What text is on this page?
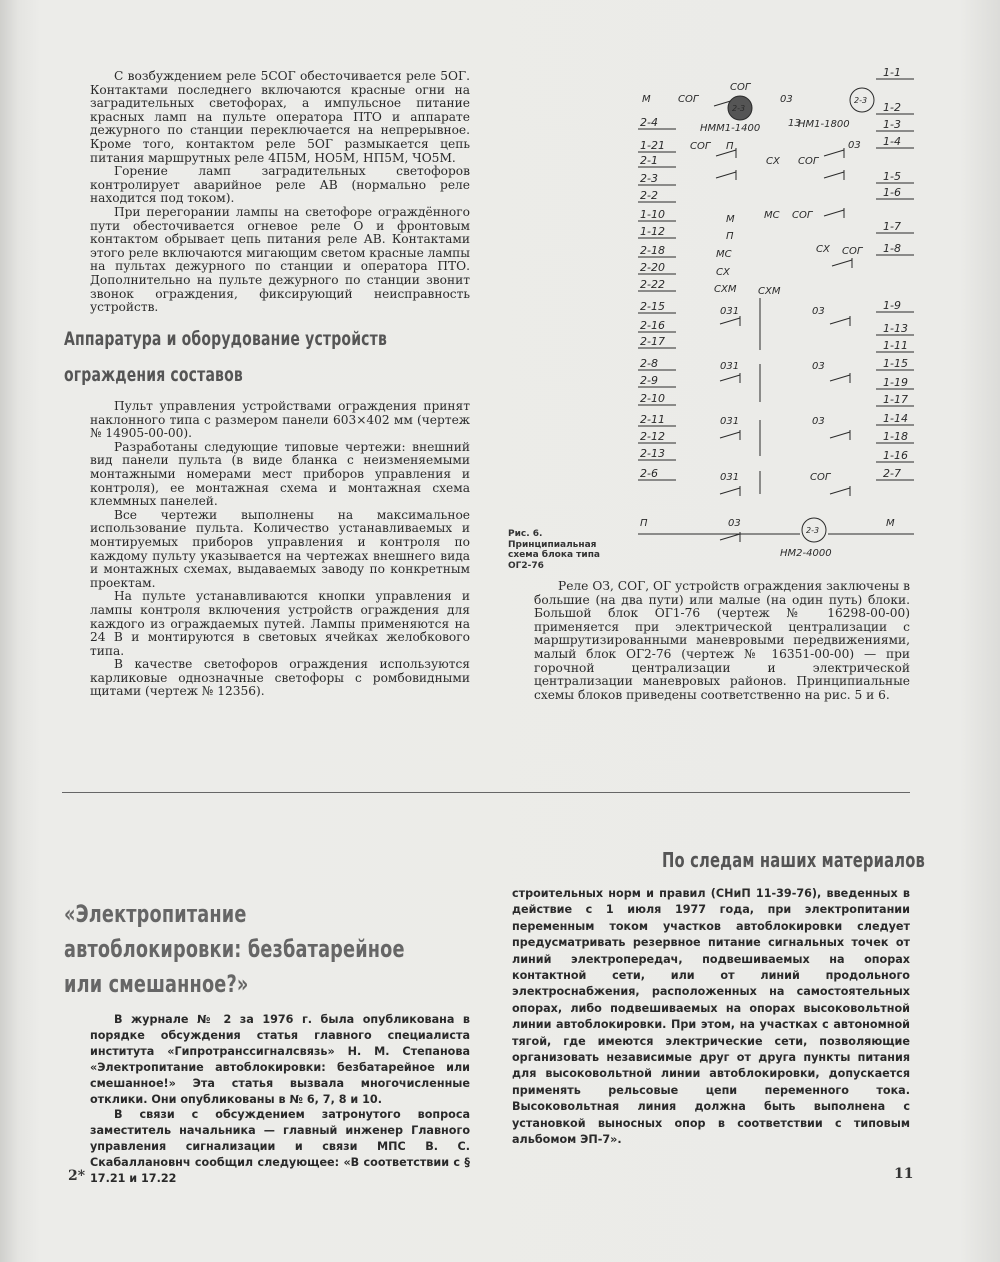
С возбуждением реле 5СОГ обесточивается реле 5ОГ. Контактами последнего включаются красные огни на заградительных светофорах, а импульсное питание красных ламп на пульте оператора ПТО и аппарате дежурного по станции переключается на непрерывное. Кроме того, контактом реле 5ОГ размыкается цепь питания маршрутных реле 4П5М, НО5М, НП5М, ЧО5М.

Горение ламп заградительных светофоров контролирует аварийное реле АВ (нормально реле находится под током).

При перегорании лампы на светофоре ограждённого пути обесточивается огневое реле О и фронтовым контактом обрывает цепь питания реле АВ. Контактами этого реле включаются мигающим светом красные лампы на пультах дежурного по станции и оператора ПТО. Дополнительно на пульте дежурного по станции звонит звонок ограждения, фиксирующий неисправность устройств.

Аппаратура и оборудование устройств
ограждения составов

Пульт управления устройствами ограждения принят наклонного типа с размером панели 603×402 мм (чертеж № 14905-00-00).

Разработаны следующие типовые чертежи: внешний вид панели пульта (в виде бланка с неизменяемыми монтажными номерами мест приборов управления и контроля), ее монтажная схема и монтажная схема клеммных панелей.

Все чертежи выполнены на максимальное использование пульта. Количество устанавливаемых и монтируемых приборов управления и контроля по каждому пульту указывается на чертежах внешнего вида и монтажных схемах, выдаваемых заводу по конкретным проектам.

На пульте устанавливаются кнопки управления и лампы контроля включения устройств ограждения для каждого из ограждаемых путей. Лампы применяются на 24 В и монтируются в световых ячейках желобкового типа.

В качестве светофоров ограждения используются карликовые однозначные светофоры с ромбовидными щитами (чертеж № 12356).

2-4
1-21
2-1
2-3
2-2
1-10
1-12
2-18
2-20
2-22
2-15
2-16
2-17
2-8
2-9
2-10
2-11
2-12
2-13
2-6
1-1
1-2
1-3
1-4
1-5
1-6
1-7
1-8
1-9
1-13
1-11
1-15
1-19
1-17
1-14
1-18
1-16
2-7
М	СОГ
СОГ
03
НММ1-1400	13
НМ1-1800
П
СХ СОГ
03
СОГ
МС СОГ
М
П
МС
СХ
СХ СОГ
СХМ СХМ
031	03
031	03
031	03
031	СОГ
П	03	М
НМ2-4000
2-3
2-3
2-3
Рис. 6. Принципиальная схема блока типа ОГ2-76

Реле ОЗ, СОГ, ОГ устройств ограждения заключены в большие (на два пути) или малые (на один путь) блоки. Большой блок ОГ1-76 (чертеж № 16298-00-00) применяется при электрической централизации с маршрутизированными маневровыми передвижениями, малый блок ОГ2-76 (чертеж № 16351-00-00) — при горочной централизации и электрической централизации маневровых районов. Принципиальные схемы блоков приведены соответственно на рис. 5 и 6.

По следам наших материалов
«Электропитание
автоблокировки: безбатарейное
или смешанное?»

В журнале № 2 за 1976 г. была опубликована в порядке обсуждения статья главного специалиста института «Гипротранссигналсвязь» Н. М. Степанова «Электропитание автоблокировки: безбатарейное или смешанное!» Эта статья вызвала многочисленные отклики. Они опубликованы в № 6, 7, 8 и 10.

В связи с обсуждением затронутого вопроса заместитель начальника — главный инженер Главного управления сигнализации и связи МПС В. С. Скабаллановнч сообщил следующее: «В соответствии с § 17.21 и 17.22

строительных норм и правил (СНиП 11-39-76), введенных в действие с 1 июля 1977 года, при электропитании переменным током участков автоблокировки следует предусматривать резервное питание сигнальных точек от линий электропередач, подвешиваемых на опорах контактной сети, или от линий продольного электроснабжения, расположенных на самостоятельных опорах, либо подвешиваемых на опорах высоковольтной линии автоблокировки. При этом, на участках с автономной тягой, где имеются электрические сети, позволяющие организовать независимые друг от друга пункты питания для высоковольтной линии автоблокировки, допускается применять рельсовые цепи переменного тока. Высоковольтная линия должна быть выполнена с установкой выносных опор в соответствии с типовым альбомом ЭП-7».

2*	11
